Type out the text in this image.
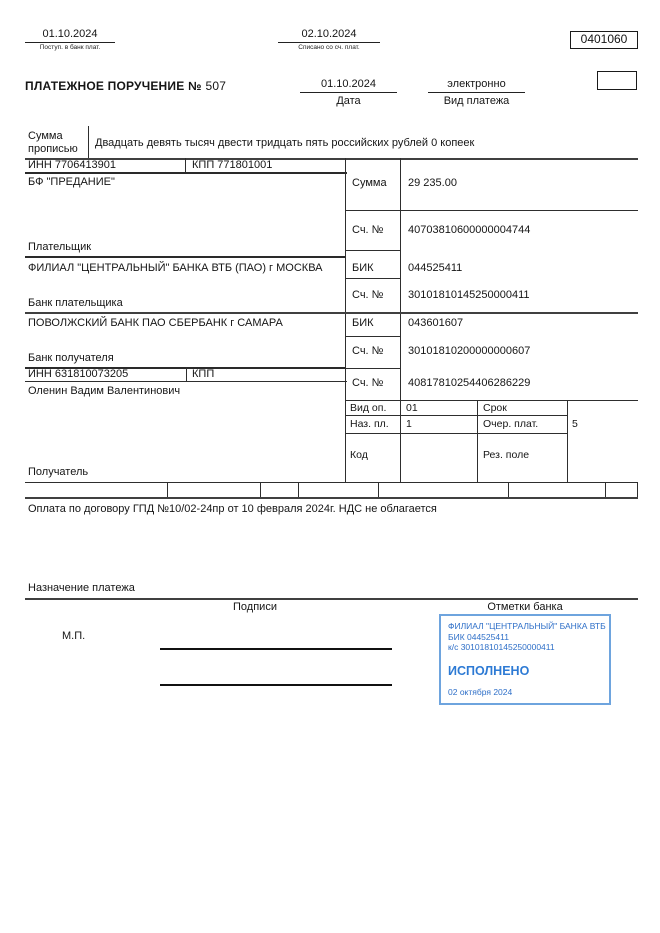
01.10.2024
Поступ. в банк плат.
02.10.2024
Списано со сч. плат.
0401060
ПЛАТЕЖНОЕ ПОРУЧЕНИЕ № 507	01.10.2024
Дата
электронно
Вид платежа
Сумма прописью	Двадцать девять тысяч двести тридцать пять российских рублей 0 копеек
ИНН 7706413901	КПП 771801001
БФ "ПРЕДАНИЕ"
Плательщик
Сумма 29 235.00
Сч. № 40703810600000004744
ФИЛИАЛ "ЦЕНТРАЛЬНЫЙ" БАНКА ВТБ (ПАО) г МОСКВА
Банк плательщика
БИК	044525411
Сч. № 30101810145250000411
ПОВОЛЖСКИЙ БАНК ПАО СБЕРБАНК г САМАРА
Банк получателя
БИК	043601607
Сч. № 30101810200000000607
ИНН 631810073205	КПП
Оленин Вадим Валентинович
Сч. № 40817810254406286229
Получатель
Вид оп. 01	Срок
Наз. пл. 1	Очер. плат.	5
Код	Рез. поле
Оплата по договору ГПД №10/02-24пр от 10 февраля 2024г. НДС не облагается
Назначение платежа
Подписи	Отметки банка
М.П.
ФИЛИАЛ "ЦЕНТРАЛЬНЫЙ" БАНКА ВТБ
БИК 044525411
к/с 30101810145250000411
ИСПОЛНЕНО
02 октября 2024
